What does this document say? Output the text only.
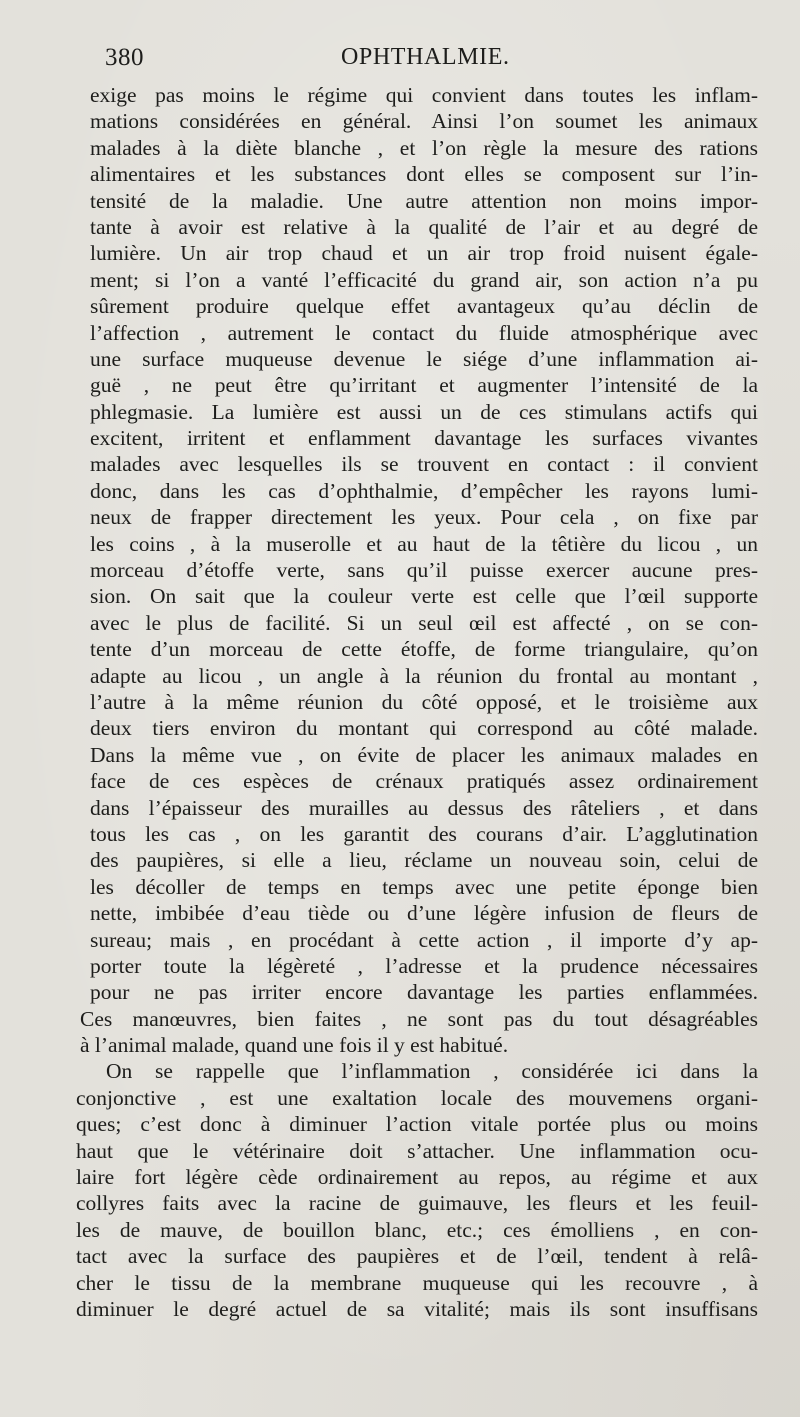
380	OPHTHALMIE.
exige pas moins le régime qui convient dans toutes les inflam-
mations considérées en général. Ainsi l’on soumet les animaux
malades à la diète blanche , et l’on règle la mesure des rations
alimentaires et les substances dont elles se composent sur l’in-
tensité de la maladie. Une autre attention non moins impor-
tante à avoir est relative à la qualité de l’air et au degré de
lumière. Un air trop chaud et un air trop froid nuisent égale-
ment; si l’on a vanté l’efficacité du grand air, son action n’a pu
sûrement produire quelque effet avantageux qu’au déclin de
l’affection , autrement le contact du fluide atmosphérique avec
une surface muqueuse devenue le siége d’une inflammation ai-
guë , ne peut être qu’irritant et augmenter l’intensité de la
phlegmasie. La lumière est aussi un de ces stimulans actifs qui
excitent, irritent et enflamment davantage les surfaces vivantes
malades avec lesquelles ils se trouvent en contact : il convient
donc, dans les cas d’ophthalmie, d’empêcher les rayons lumi-
neux de frapper directement les yeux. Pour cela , on fixe par
les coins , à la muserolle et au haut de la têtière du licou , un
morceau d’étoffe verte, sans qu’il puisse exercer aucune pres-
sion. On sait que la couleur verte est celle que l’œil supporte
avec le plus de facilité. Si un seul œil est affecté , on se con-
tente d’un morceau de cette étoffe, de forme triangulaire, qu’on
adapte au licou , un angle à la réunion du frontal au montant ,
l’autre à la même réunion du côté opposé, et le troisième aux
deux tiers environ du montant qui correspond au côté malade.
Dans la même vue , on évite de placer les animaux malades en
face de ces espèces de crénaux pratiqués assez ordinairement
dans l’épaisseur des murailles au dessus des râteliers , et dans
tous les cas , on les garantit des courans d’air. L’agglutination
des paupières, si elle a lieu, réclame un nouveau soin, celui de
les décoller de temps en temps avec une petite éponge bien
nette, imbibée d’eau tiède ou d’une légère infusion de fleurs de
sureau; mais , en procédant à cette action , il importe d’y ap-
porter toute la légèreté , l’adresse et la prudence nécessaires
pour ne pas irriter encore davantage les parties enflammées.
Ces manœuvres, bien faites , ne sont pas du tout désagréables
à l’animal malade, quand une fois il y est habitué.
On se rappelle que l’inflammation , considérée ici dans la
conjonctive , est une exaltation locale des mouvemens organi-
ques; c’est donc à diminuer l’action vitale portée plus ou moins
haut que le vétérinaire doit s’attacher. Une inflammation ocu-
laire fort légère cède ordinairement au repos, au régime et aux
collyres faits avec la racine de guimauve, les fleurs et les feuil-
les de mauve, de bouillon blanc, etc.; ces émolliens , en con-
tact avec la surface des paupières et de l’œil, tendent à relâ-
cher le tissu de la membrane muqueuse qui les recouvre , à
diminuer le degré actuel de sa vitalité; mais ils sont insuffisans
